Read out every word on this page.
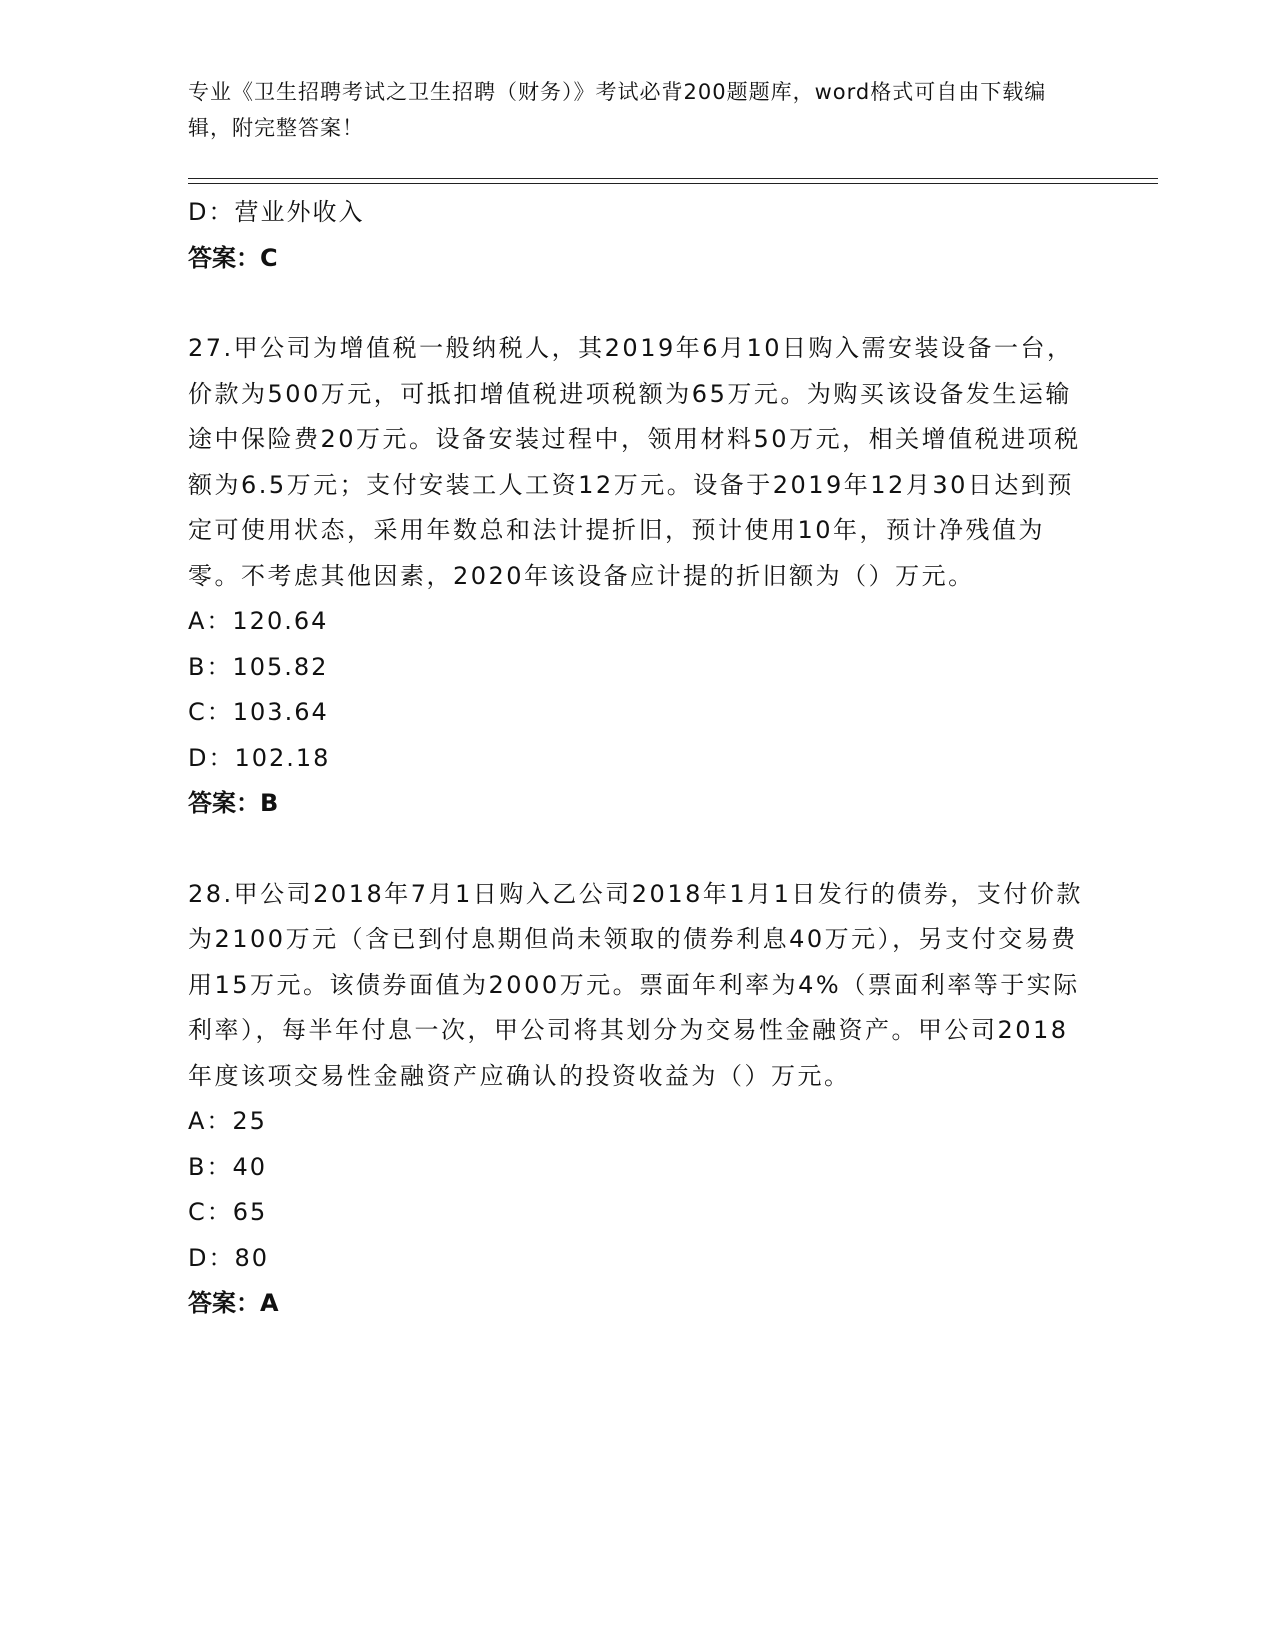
专业《卫生招聘考试之卫生招聘（财务）》考试必背200题题库，word格式可自由下载编辑，附完整答案！
D：营业外收入
答案：C
27.甲公司为增值税一般纳税人，其2019年6月10日购入需安装设备一台，价款为500万元，可抵扣增值税进项税额为65万元。为购买该设备发生运输途中保险费20万元。设备安装过程中，领用材料50万元，相关增值税进项税额为6.5万元；支付安装工人工资12万元。设备于2019年12月30日达到预定可使用状态，采用年数总和法计提折旧，预计使用10年，预计净残值为零。不考虑其他因素，2020年该设备应计提的折旧额为（）万元。
A：120.64
B：105.82
C：103.64
D：102.18
答案：B
28.甲公司2018年7月1日购入乙公司2018年1月1日发行的债券，支付价款为2100万元（含已到付息期但尚未领取的债券利息40万元），另支付交易费用15万元。该债券面值为2000万元。票面年利率为4%（票面利率等于实际利率），每半年付息一次，甲公司将其划分为交易性金融资产。甲公司2018年度该项交易性金融资产应确认的投资收益为（）万元。
A：25
B：40
C：65
D：80
答案：A
